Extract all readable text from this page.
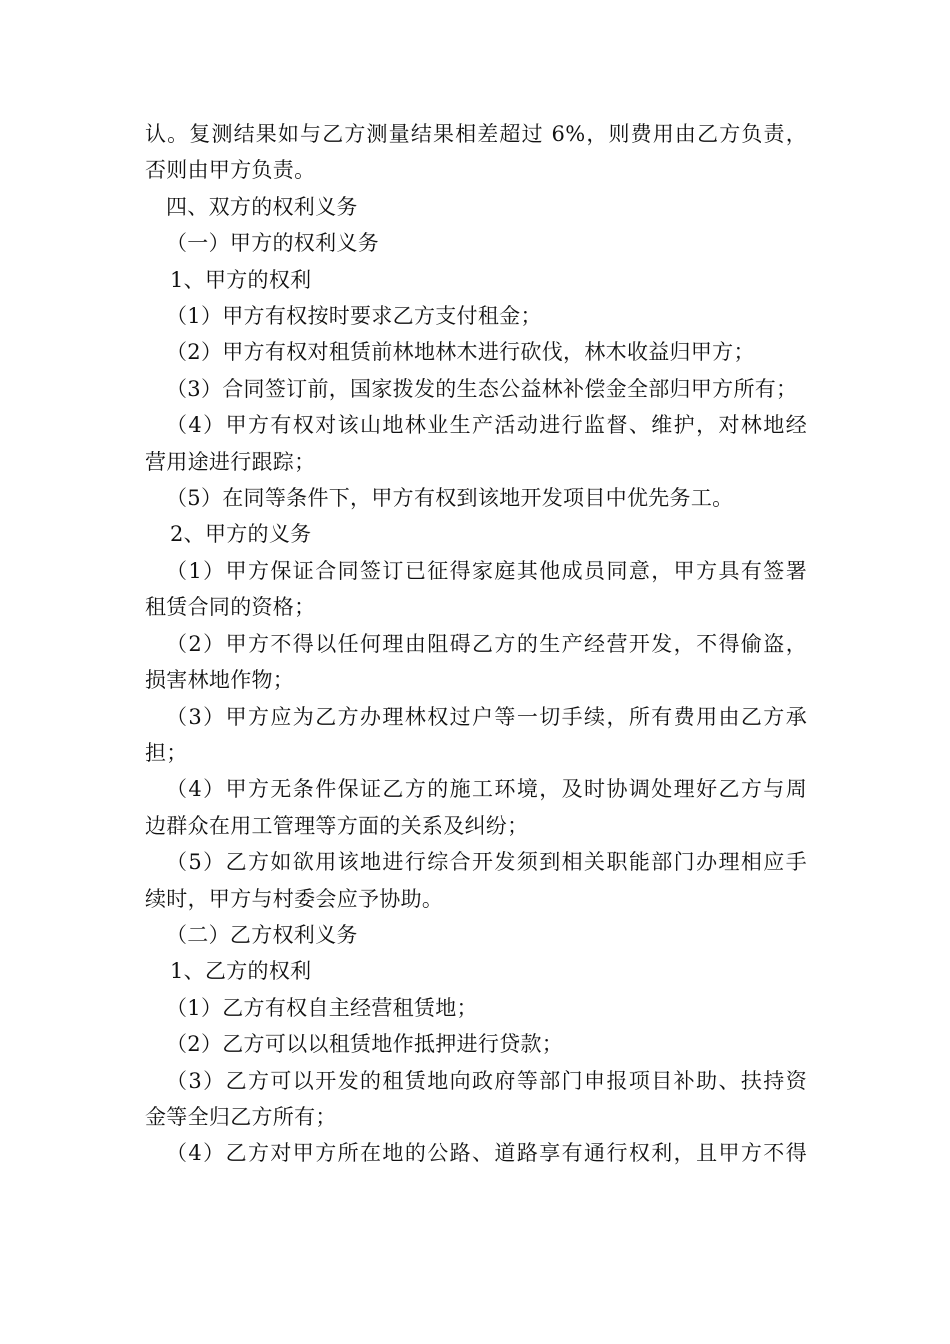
认。复测结果如与乙方测量结果相差超过 6%，则费用由乙方负责，
否则由甲方负责。
四、双方的权利义务
（一）甲方的权利义务
1、甲方的权利
（1）甲方有权按时要求乙方支付租金；
（2）甲方有权对租赁前林地林木进行砍伐，林木收益归甲方；
（3）合同签订前，国家拨发的生态公益林补偿金全部归甲方所有；
（4）甲方有权对该山地林业生产活动进行监督、维护，对林地经
营用途进行跟踪；
（5）在同等条件下，甲方有权到该地开发项目中优先务工。
2、甲方的义务
（1）甲方保证合同签订已征得家庭其他成员同意，甲方具有签署
租赁合同的资格；
（2）甲方不得以任何理由阻碍乙方的生产经营开发，不得偷盗，
损害林地作物；
（3）甲方应为乙方办理林权过户等一切手续，所有费用由乙方承
担；
（4）甲方无条件保证乙方的施工环境，及时协调处理好乙方与周
边群众在用工管理等方面的关系及纠纷；
（5）乙方如欲用该地进行综合开发须到相关职能部门办理相应手
续时，甲方与村委会应予协助。
（二）乙方权利义务
1、乙方的权利
（1）乙方有权自主经营租赁地；
（2）乙方可以以租赁地作抵押进行贷款；
（3）乙方可以开发的租赁地向政府等部门申报项目补助、扶持资
金等全归乙方所有；
（4）乙方对甲方所在地的公路、道路享有通行权利，且甲方不得
